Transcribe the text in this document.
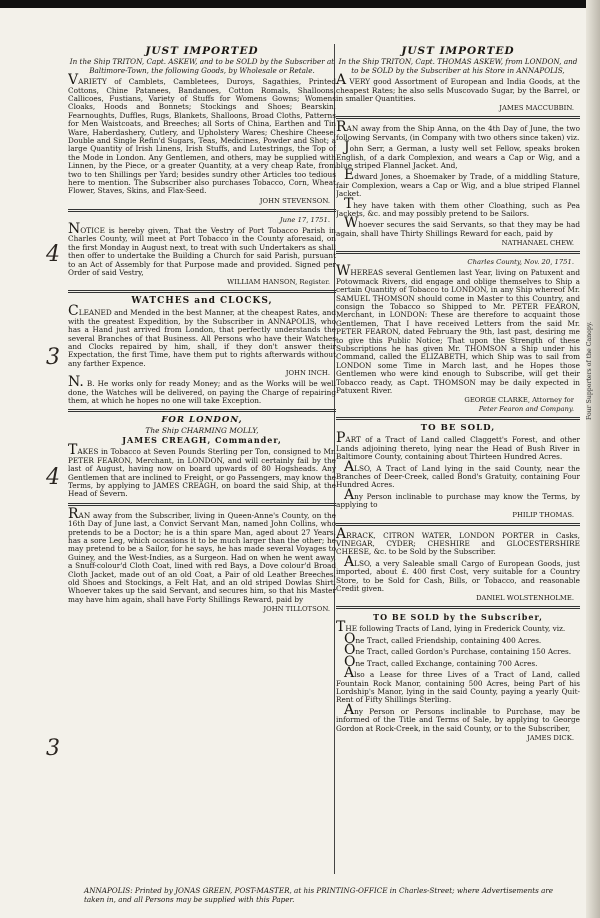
3
4
3
4
JUST IMPORTED
In the Ship TRITON, Capt. ASKEW, and to be SOLD by the Subscriber at Baltimore-Town, the following Goods, by Wholesale or Retale.
VARIETY of Camblets, Cambletees, Duroys, Sagathies, Printed Cottons, Chine Patanees, Bandanoes, Cotton Romals, Shalloons, Callicoes, Fustians, Variety of Stuffs for Womens Gowns; Womens Cloaks, Hoods and Bonnets; Stockings and Shoes; Bearskin, Fearnoughts, Duffles, Rugs, Blankets, Shalloons, Broad Cloths, Patterns for Men Waistcoats, and Breeches; all Sorts of China, Earthen and Tin Ware, Haberdashery, Cutlery, and Upholstery Wares; Cheshire Cheese, Double and Single Refin'd Sugars, Teas, Medicines, Powder and Shot; a large Quantity of Irish Linens, Irish Stuffs, and Lutestrings, the Top of the Mode in London. Any Gentlemen, and others, may be supplied with Linnen, by the Piece, or a greater Quantity, at a very cheap Rate, from two to ten Shillings per Yard; besides sundry other Articles too tedious here to mention. The Subscriber also purchases Tobacco, Corn, Wheat Flower, Staves, Skins, and Flax-Seed.
JOHN STEVENSON.
June 17, 1751.
NOTICE is hereby given, That the Vestry of Port Tobacco Parish in Charles County, will meet at Port Tobacco in the County aforesaid, on the first Monday in August next, to treat with such Undertakers as shall then offer to undertake the Building a Church for said Parish, pursuant to an Act of Assembly for that Purpose made and provided. Signed per Order of said Vestry,
WILLIAM HANSON, Register.
WATCHES and CLOCKS,
CLEANED and Mended in the best Manner, at the cheapest Rates, and with the greatest Expedition, by the Subscriber in ANNAPOLIS, who has a Hand just arrived from London, that perfectly understands the several Branches of that Business. All Persons who have their Watches and Clocks repaired by him, shall, if they don't answer their Expectation, the first Time, have them put to rights afterwards without any farther Expence.
JOHN INCH.
N. B. He works only for ready Money; and as the Works will be well done, the Watches will be delivered, on paying the Charge of repairing them, at which he hopes no one will take Exception.
FOR LONDON,
The Ship CHARMING MOLLY,
JAMES CREAGH, Commander,
TAKES in Tobacco at Seven Pounds Sterling per Ton, consigned to Mr. PETER FEARON, Merchant, in LONDON, and will certainly fail by the last of August, having now on board upwards of 80 Hogsheads. Any Gentlemen that are inclined to Freight, or go Passengers, may know the Terms, by applying to JAMES CREAGH, on board the said Ship, at the Head of Severn.
RAN away from the Subscriber, living in Queen-Anne's County, on the 16th Day of June last, a Convict Servant Man, named John Collins, who pretends to be a Doctor; he is a thin spare Man, aged about 27 Years, has a sore Leg, which occasions it to be much larger than the other; he may pretend to be a Sailor, for he says, he has made several Voyages to Guiney, and the West-Indies, as a Surgeon. Had on when he went away, a Snuff-colour'd Cloth Coat, lined with red Bays, a Dove colour'd Broad Cloth Jacket, made out of an old Coat, a Pair of old Leather Breeches, old Shoes and Stockings, a Felt Hat, and an old striped Dowlas Shirt. Whoever takes up the said Servant, and secures him, so that his Master may have him again, shall have Forty Shillings Reward, paid by
JOHN TILLOTSON.
JUST IMPORTED
In the Ship TRITON, Capt. THOMAS ASKEW, from LONDON, and to be SOLD by the Subscriber at his Store in ANNAPOLIS,
A VERY good Assortment of European and India Goods, at the cheapest Rates; he also sells Muscovado Sugar, by the Barrel, or in smaller Quantities.
JAMES MACCUBBIN.
RAN away from the Ship Anna, on the 4th Day of June, the two following Servants, (in Company with two others since taken) viz.
John Serr, a German, a lusty well set Fellow, speaks broken English, of a dark Complexion, and wears a Cap or Wig, and a blue striped Flannel Jacket. And,
Edward Jones, a Shoemaker by Trade, of a middling Stature, fair Complexion, wears a Cap or Wig, and a blue striped Flannel Jacket.
They have taken with them other Cloathing, such as Pea Jackets, &c. and may possibly pretend to be Sailors.
Whoever secures the said Servants, so that they may be had again, shall have Thirty Shillings Reward for each, paid by
NATHANAEL CHEW.
Charles County, Nov. 20, 1751.
WHEREAS several Gentlemen last Year, living on Patuxent and Potowmack Rivers, did engage and oblige themselves to Ship a certain Quantity of Tobacco to LONDON, in any Ship whereof Mr. SAMUEL THOMSON should come in Master to this Country, and consign the Tobacco so Shipped to Mr. PETER FEARON, Merchant, in LONDON: These are therefore to acquaint those Gentlemen, That I have received Letters from the said Mr. PETER FEARON, dated February the 9th, last past, desiring me to give this Public Notice; That upon the Strength of these Subscriptions he has given Mr. THOMSON a Ship under his Command, called the ELIZABETH, which Ship was to sail from LONDON some Time in March last, and he Hopes those Gentlemen who were kind enough to Subscribe, will get their Tobacco ready, as Capt. THOMSON may be daily expected in Patuxent River.
GEORGE CLARKE, Attorney for
Peter Fearon and Company.
TO BE SOLD,
PART of a Tract of Land called Claggett's Forest, and other Lands adjoining thereto, lying near the Head of Bush River in Baltimore County, containing about Thirteen Hundred Acres.
ALSO, A Tract of Land lying in the said County, near the Branches of Deer-Creek, called Bond's Gratuity, containing Four Hundred Acres.
Any Person inclinable to purchase may know the Terms, by applying to
PHILIP THOMAS.
ARRACK, CITRON WATER, LONDON PORTER in Casks, VINEGAR, CYDER; CHESHIRE and GLOCESTERSHIRE CHEESE, &c. to be Sold by the Subscriber.
ALSO, a very Saleable small Cargo of European Goods, just imported, about £. 400 first Cost, very suitable for a Country Store, to be Sold for Cash, Bills, or Tobacco, and reasonable Credit given.
DANIEL WOLSTENHOLME.
TO BE SOLD by the Subscriber,
THE following Tracts of Land, lying in Frederick County, viz.
One Tract, called Friendship, containing 400 Acres.
One Tract, called Gordon's Purchase, containing 150 Acres.
One Tract, called Exchange, containing 700 Acres.
Also a Lease for three Lives of a Tract of Land, called Fountain Rock Manor, containing 500 Acres, being Part of his Lordship's Manor, lying in the said County, paying a yearly Quit-Rent of Fifty Shillings Sterling.
Any Person or Persons inclinable to Purchase, may be informed of the Title and Terms of Sale, by applying to George Gordon at Rock-Creek, in the said County, or to the Subscriber,
JAMES DICK.
ANNAPOLIS: Printed by JONAS GREEN, POST-MASTER, at his PRINTING-OFFICE in Charles-Street; where Advertisements are taken in, and all Persons may be supplied with this Paper.
Four Supporters of the Canopy.
